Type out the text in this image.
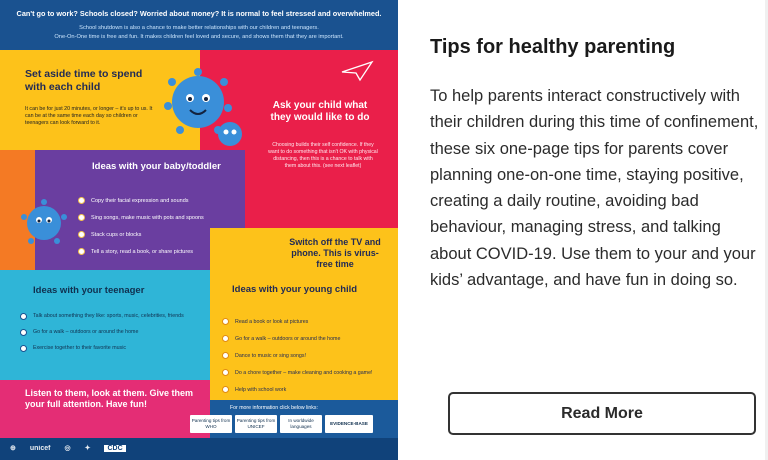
Can't go to work? Schools closed? Worried about money? It is normal to feel stressed and overwhelmed.
School shutdown is also a chance to make better relationships with our children and teenagers.
One-On-One time is free and fun. It makes children feel loved and secure, and shows them that they are important.
Set aside time to spend with each child
It can be for just 20 minutes, or longer – it's up to us. It can be at the same time each day so children or teenagers can look forward to it.
Ask your child what they would like to do
Choosing builds their self confidence. If they want to do something that isn't OK with physical distancing, then this is a chance to talk with them about this. (see next leaflet)
Ideas with your baby/toddler
Copy their facial expression and sounds
Sing songs, make music with pots and spoons
Stack cups or blocks
Tell a story, read a book, or share pictures
Switch off the TV and phone. This is virus-free time
Ideas with your teenager
Talk about something they like: sports, music, celebrities, friends
Go for a walk – outdoors or around the home
Exercise together to their favorite music
Ideas with your young child
Read a book or look at pictures
Go for a walk – outdoors or around the home
Dance to music or sing songs!
Do a chore together – make cleaning and cooking a game!
Help with school work
Listen to them, look at them. Give them your full attention. Have fun!	For more information click below links:
Parenting tips from WHO
Parenting tips from UNICEF
In worldwide languages	EVIDENCE-BASE
⊕ unicef ◎ ✦	CDC
Tips for healthy parenting
To help parents interact constructively with their children during this time of confinement, these six one-page tips for parents cover planning one-on-one time, staying positive, creating a daily routine, avoiding bad behaviour, managing stress, and talking about COVID-19. Use them to your and your kids’ advantage, and have fun in doing so.
Read More
